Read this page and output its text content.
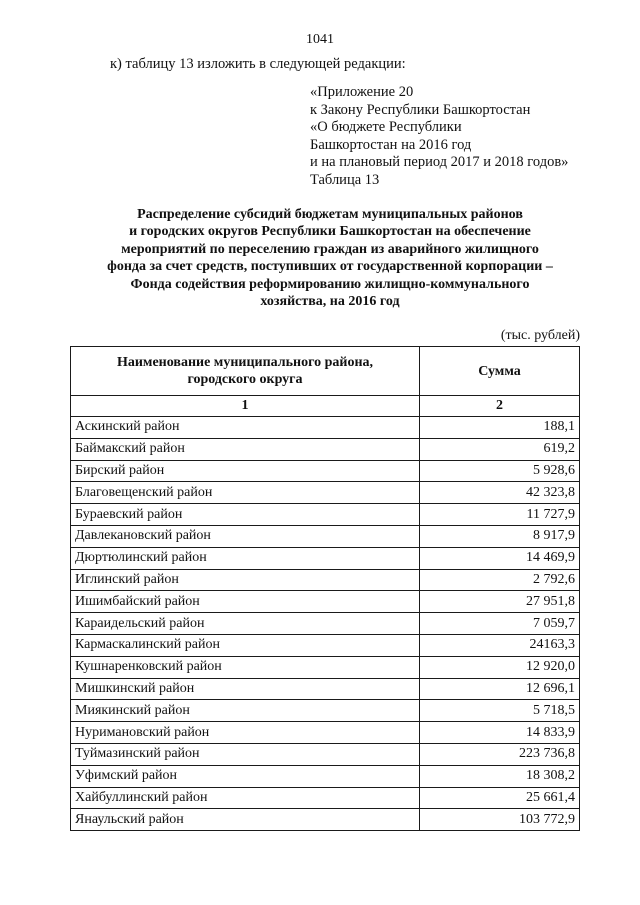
1041
к) таблицу 13 изложить в следующей редакции:
«Приложение 20
к Закону Республики Башкортостан
«О бюджете Республики
Башкортостан на 2016 год
и на плановый период 2017 и 2018 годов»
Таблица 13
Распределение субсидий бюджетам муниципальных районов
и городских округов Республики Башкортостан на обеспечение
мероприятий по переселению граждан из аварийного жилищного
фонда за счет средств, поступивших от государственной корпорации –
Фонда содействия реформированию жилищно-коммунального
хозяйства, на 2016 год
(тыс. рублей)
Наименование муниципального района,
городского округа	Сумма
1	2
Аскинский район	188,1
Баймакский район	619,2
Бирский район	5 928,6
Благовещенский район	42 323,8
Бураевский район	11 727,9
Давлекановский район	8 917,9
Дюртюлинский район	14 469,9
Иглинский район	2 792,6
Ишимбайский район	27 951,8
Караидельский район	7 059,7
Кармаскалинский район	24163,3
Кушнаренковский район	12 920,0
Мишкинский район	12 696,1
Миякинский район	5 718,5
Нуримановский район	14 833,9
Туймазинский район	223 736,8
Уфимский район	18 308,2
Хайбуллинский район	25 661,4
Янаульский район	103 772,9
